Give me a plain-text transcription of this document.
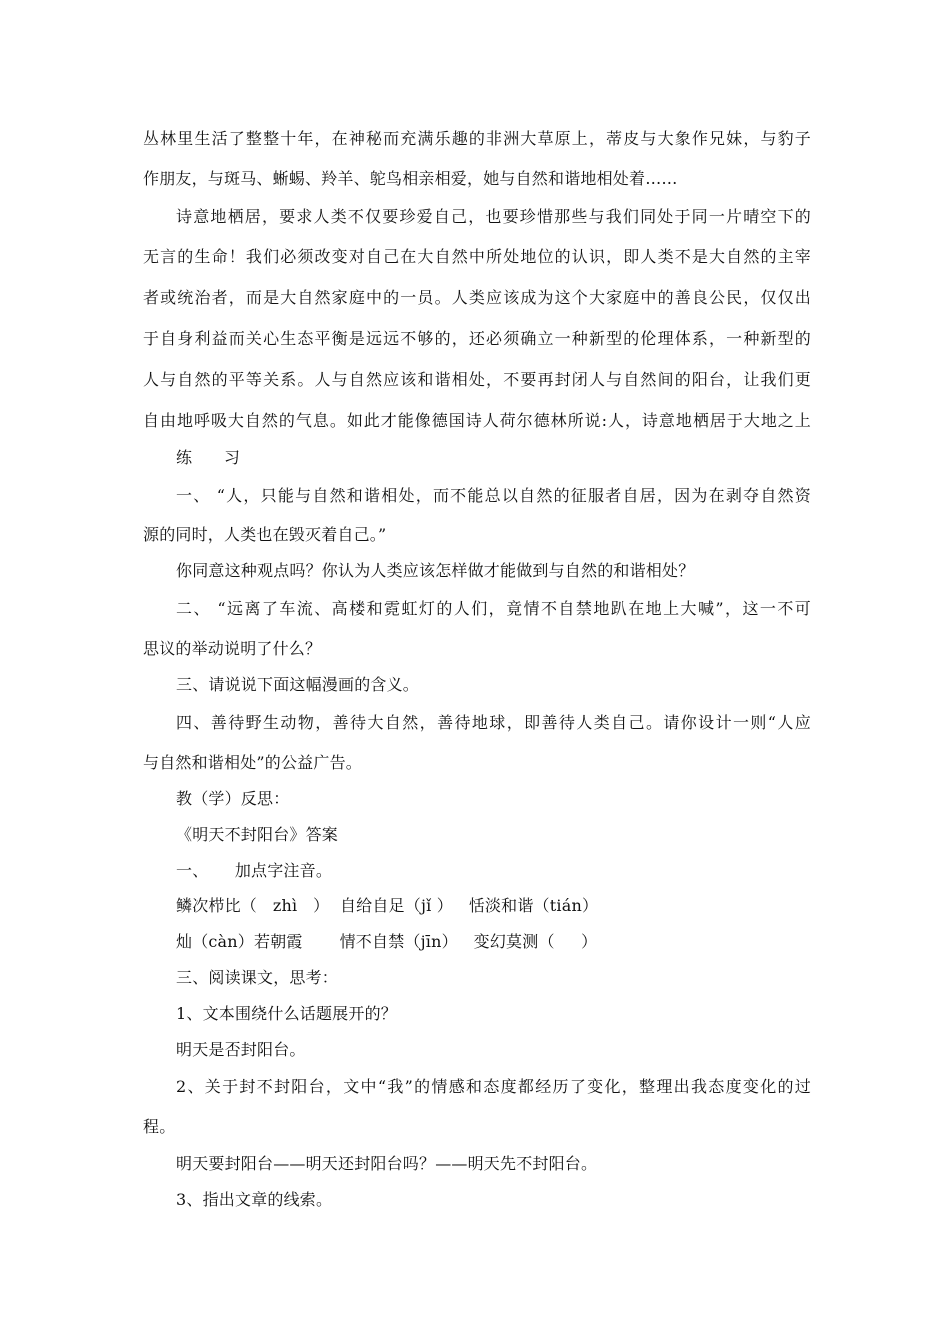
丛林里生活了整整十年，在神秘而充满乐趣的非洲大草原上，蒂皮与大象作兄妹，与豹子
作朋友，与斑马、蜥蜴、羚羊、鸵鸟相亲相爱，她与自然和谐地相处着……
诗意地栖居，要求人类不仅要珍爱自己，也要珍惜那些与我们同处于同一片晴空下的
无言的生命！我们必须改变对自己在大自然中所处地位的认识，即人类不是大自然的主宰
者或统治者，而是大自然家庭中的一员。人类应该成为这个大家庭中的善良公民，仅仅出
于自身利益而关心生态平衡是远远不够的，还必须确立一种新型的伦理体系，一种新型的
人与自然的平等关系。人与自然应该和谐相处，不要再封闭人与自然间的阳台，让我们更
自由地呼吸大自然的气息。如此才能像德国诗人荷尔德林所说:人，诗意地栖居于大地之上
练      习
一、 “人，只能与自然和谐相处，而不能总以自然的征服者自居，因为在剥夺自然资
源的同时，人类也在毁灭着自己。”
你同意这种观点吗？你认为人类应该怎样做才能做到与自然的和谐相处？
二、 “远离了车流、高楼和霓虹灯的人们，竟情不自禁地趴在地上大喊”，这一不可
思议的举动说明了什么？
三、请说说下面这幅漫画的含义。
四、善待野生动物，善待大自然，善待地球，即善待人类自己。请你设计一则“人应
与自然和谐相处”的公益广告。
教（学）反思：
《明天不封阳台》答案
一、     加点字注音。
鳞次栉比（   zhì   ）  自给自足（jǐ ）   恬淡和谐（tián）
灿（càn）若朝霞       情不自禁（jīn）   变幻莫测（     ）
三、阅读课文，思考：
1、文本围绕什么话题展开的？
明天是否封阳台。
2、关于封不封阳台，文中“我”的情感和态度都经历了变化，整理出我态度变化的过
程。
明天要封阳台——明天还封阳台吗？——明天先不封阳台。
3、指出文章的线索。
